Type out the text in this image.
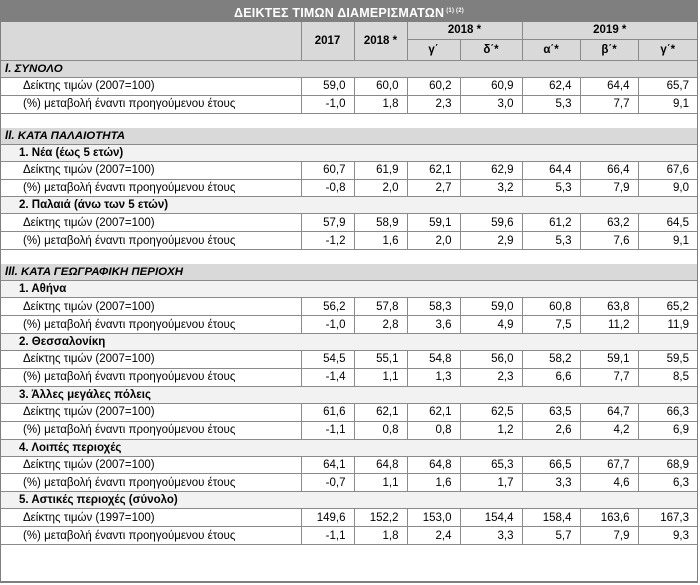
ΔΕΙΚΤΕΣ ΤΙΜΩΝ ΔΙΑΜΕΡΙΣΜΑΤΩΝ $^{(1) (2)}$
	2017	2018 *	2018 *		2019 *		
			γ΄	δ΄*	α΄*	β΄*	γ΄*
I. ΣΥΝΟΛΟ							
Δείκτης τιμών (2007=100)	59,0	60,0	60,2	60,9	62,4	64,4	65,7
(%) μεταβολή έναντι προηγούμενου έτους	-1,0	1,8	2,3	3,0	5,3	7,7	9,1

II. ΚΑΤΑ ΠΑΛΑΙΟΤΗΤΑ							
1. Νέα (έως 5 ετών)							
Δείκτης τιμών (2007=100)	60,7	61,9	62,1	62,9	64,4	66,4	67,6
(%) μεταβολή έναντι προηγούμενου έτους	-0,8	2,0	2,7	3,2	5,3	7,9	9,0
2. Παλαιά (άνω των 5 ετών)							
Δείκτης τιμών (2007=100)	57,9	58,9	59,1	59,6	61,2	63,2	64,5
(%) μεταβολή έναντι προηγούμενου έτους	-1,2	1,6	2,0	2,9	5,3	7,6	9,1

III. ΚΑΤΑ ΓΕΩΓΡΑΦΙΚΗ ΠΕΡΙΟΧΗ							
1. Αθήνα							
Δείκτης τιμών (2007=100)	56,2	57,8	58,3	59,0	60,8	63,8	65,2
(%) μεταβολή έναντι προηγούμενου έτους	-1,0	2,8	3,6	4,9	7,5	11,2	11,9
2. Θεσσαλονίκη							
Δείκτης τιμών (2007=100)	54,5	55,1	54,8	56,0	58,2	59,1	59,5
(%) μεταβολή έναντι προηγούμενου έτους	-1,4	1,1	1,3	2,3	6,6	7,7	8,5
3. Άλλες μεγάλες πόλεις							
Δείκτης τιμών (2007=100)	61,6	62,1	62,1	62,5	63,5	64,7	66,3
(%) μεταβολή έναντι προηγούμενου έτους	-1,1	0,8	0,8	1,2	2,6	4,2	6,9
4. Λοιπές περιοχές							
Δείκτης τιμών (2007=100)	64,1	64,8	64,8	65,3	66,5	67,7	68,9
(%) μεταβολή έναντι προηγούμενου έτους	-0,7	1,1	1,6	1,7	3,3	4,6	6,3
5. Αστικές περιοχές (σύνολο)							
Δείκτης τιμών (1997=100)	149,6	152,2	153,0	154,4	158,4	163,6	167,3
(%) μεταβολή έναντι προηγούμενου έτους	-1,1	1,8	2,4	3,3	5,7	7,9	9,3
